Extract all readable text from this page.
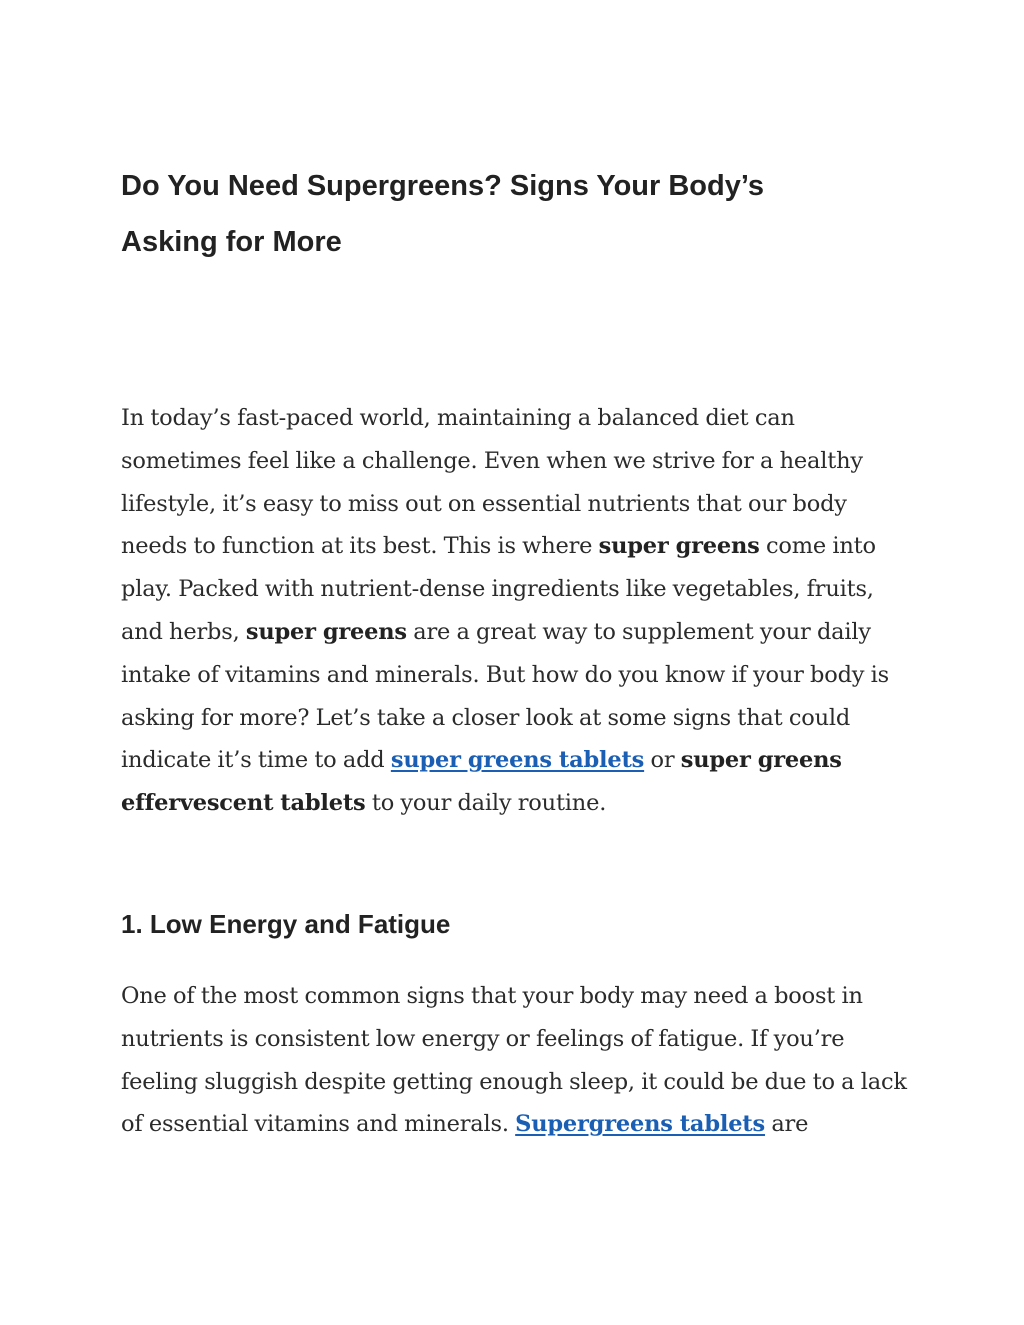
Do You Need Supergreens? Signs Your Body’s
Asking for More

In today’s fast-paced world, maintaining a balanced diet can
sometimes feel like a challenge. Even when we strive for a healthy
lifestyle, it’s easy to miss out on essential nutrients that our body
needs to function at its best. This is where super greens come into
play. Packed with nutrient-dense ingredients like vegetables, fruits,
and herbs, super greens are a great way to supplement your daily
intake of vitamins and minerals. But how do you know if your body is
asking for more? Let’s take a closer look at some signs that could
indicate it’s time to add super greens tablets or super greens
effervescent tablets to your daily routine.

1. Low Energy and Fatigue

One of the most common signs that your body may need a boost in
nutrients is consistent low energy or feelings of fatigue. If you’re
feeling sluggish despite getting enough sleep, it could be due to a lack
of essential vitamins and minerals. Supergreens tablets are
